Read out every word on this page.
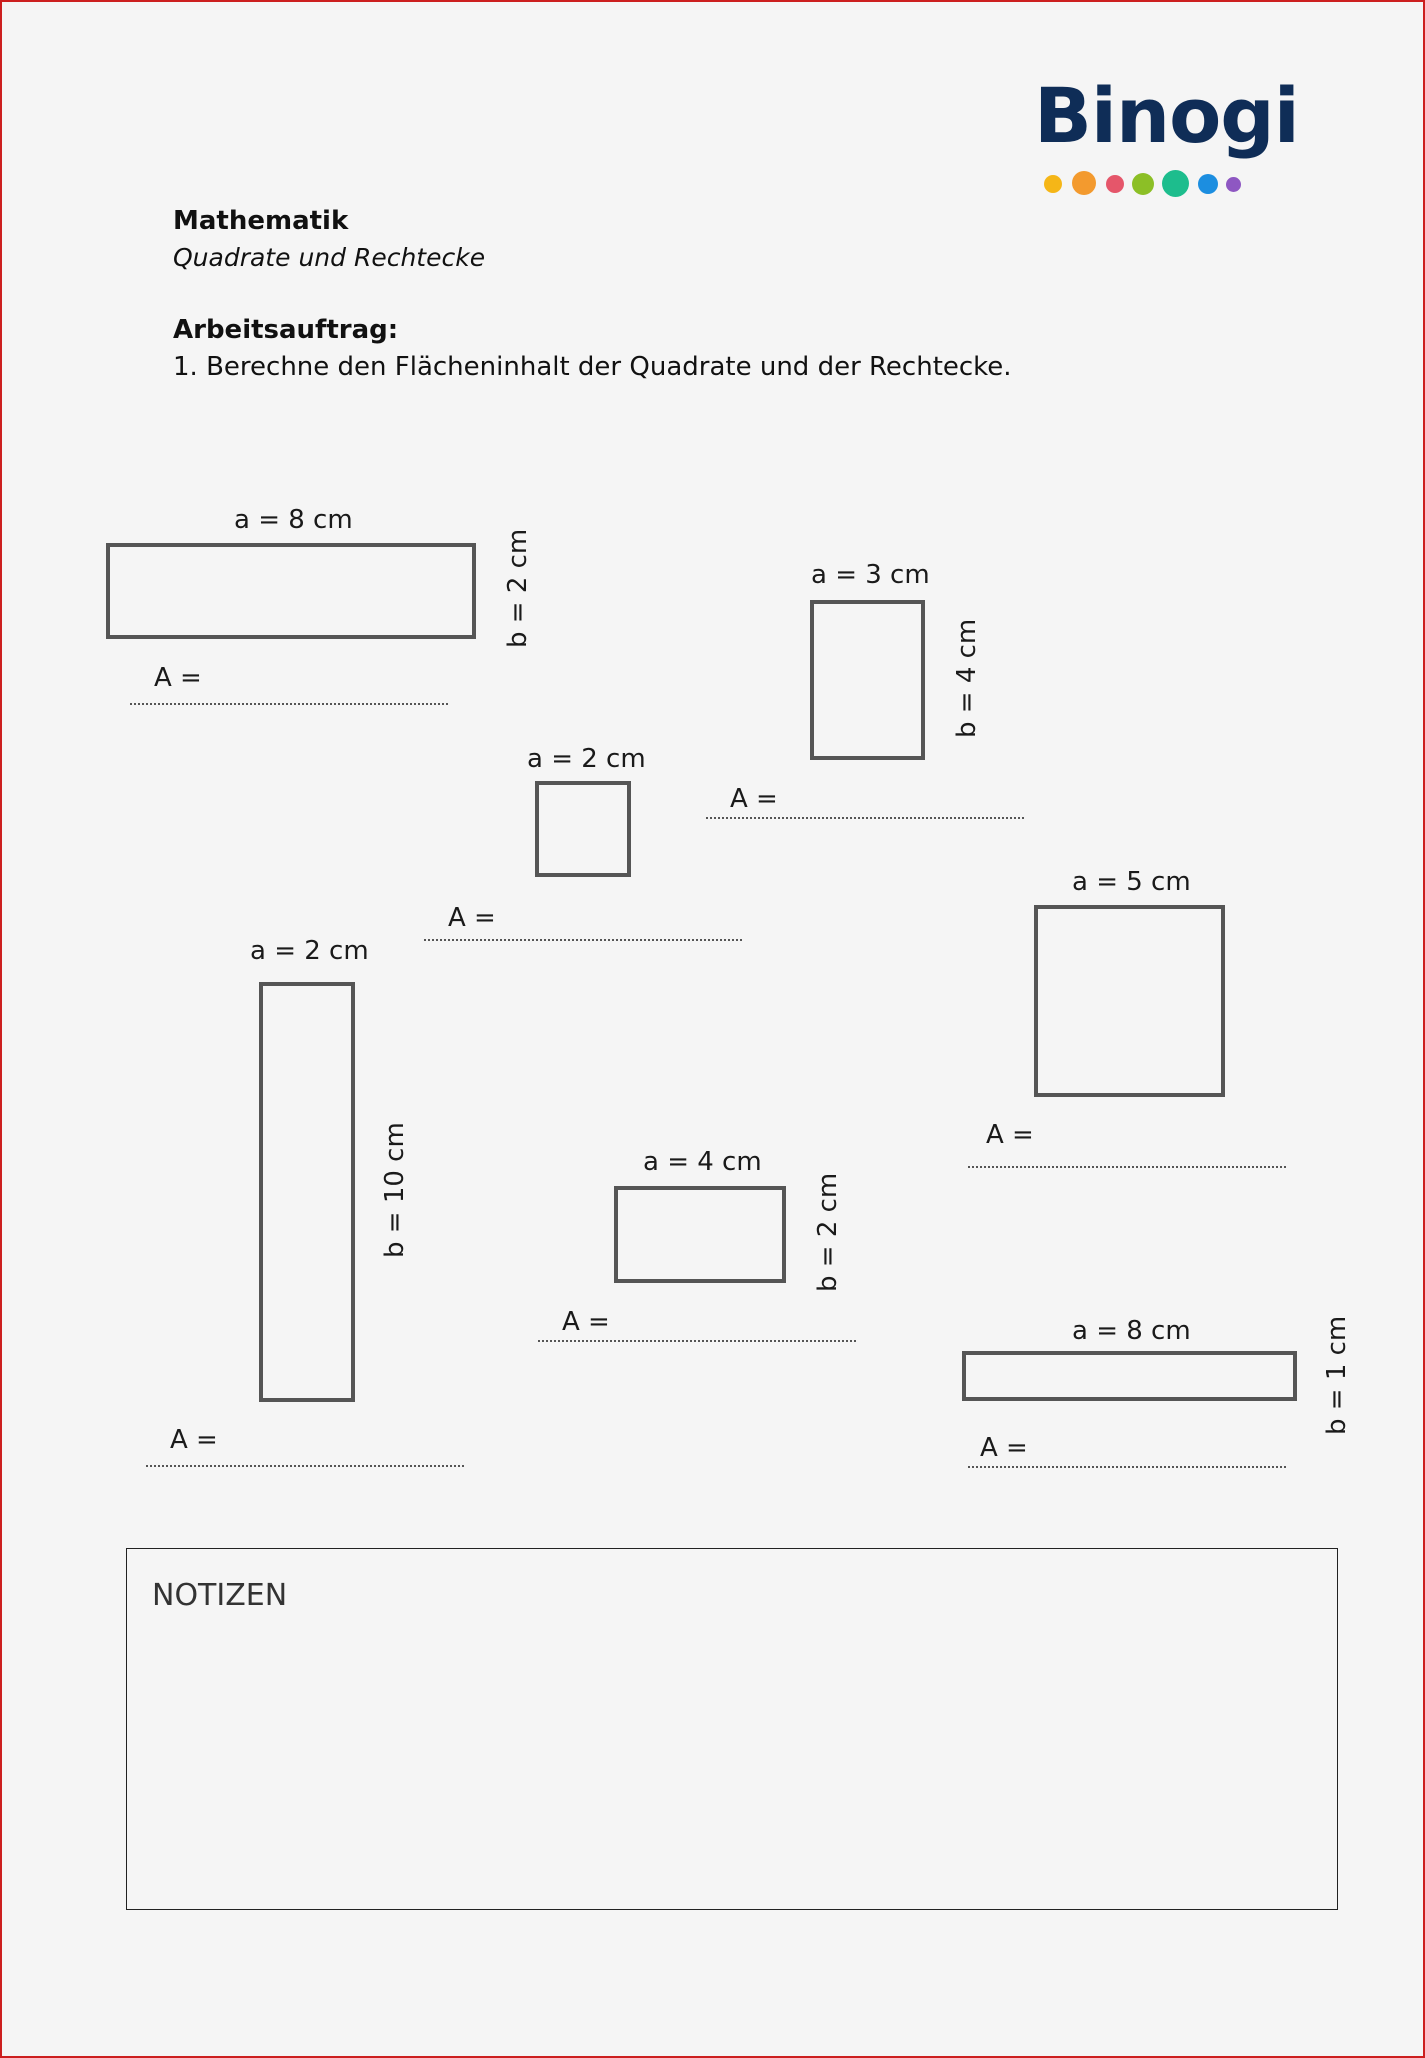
Binogi
Mathematik
Quadrate und Rechtecke
Arbeitsauftrag:
1. Berechne den Flächeninhalt der Quadrate und der Rechtecke.
a = 8 cm
b = 2 cm
A =
a = 3 cm
b = 4 cm
A =
a = 2 cm
A =
a = 5 cm
A =
a = 2 cm
b = 10 cm
A =
a = 4 cm
b = 2 cm
A =	a = 8 cm	b = 1 cm
A =
NOTIZEN
